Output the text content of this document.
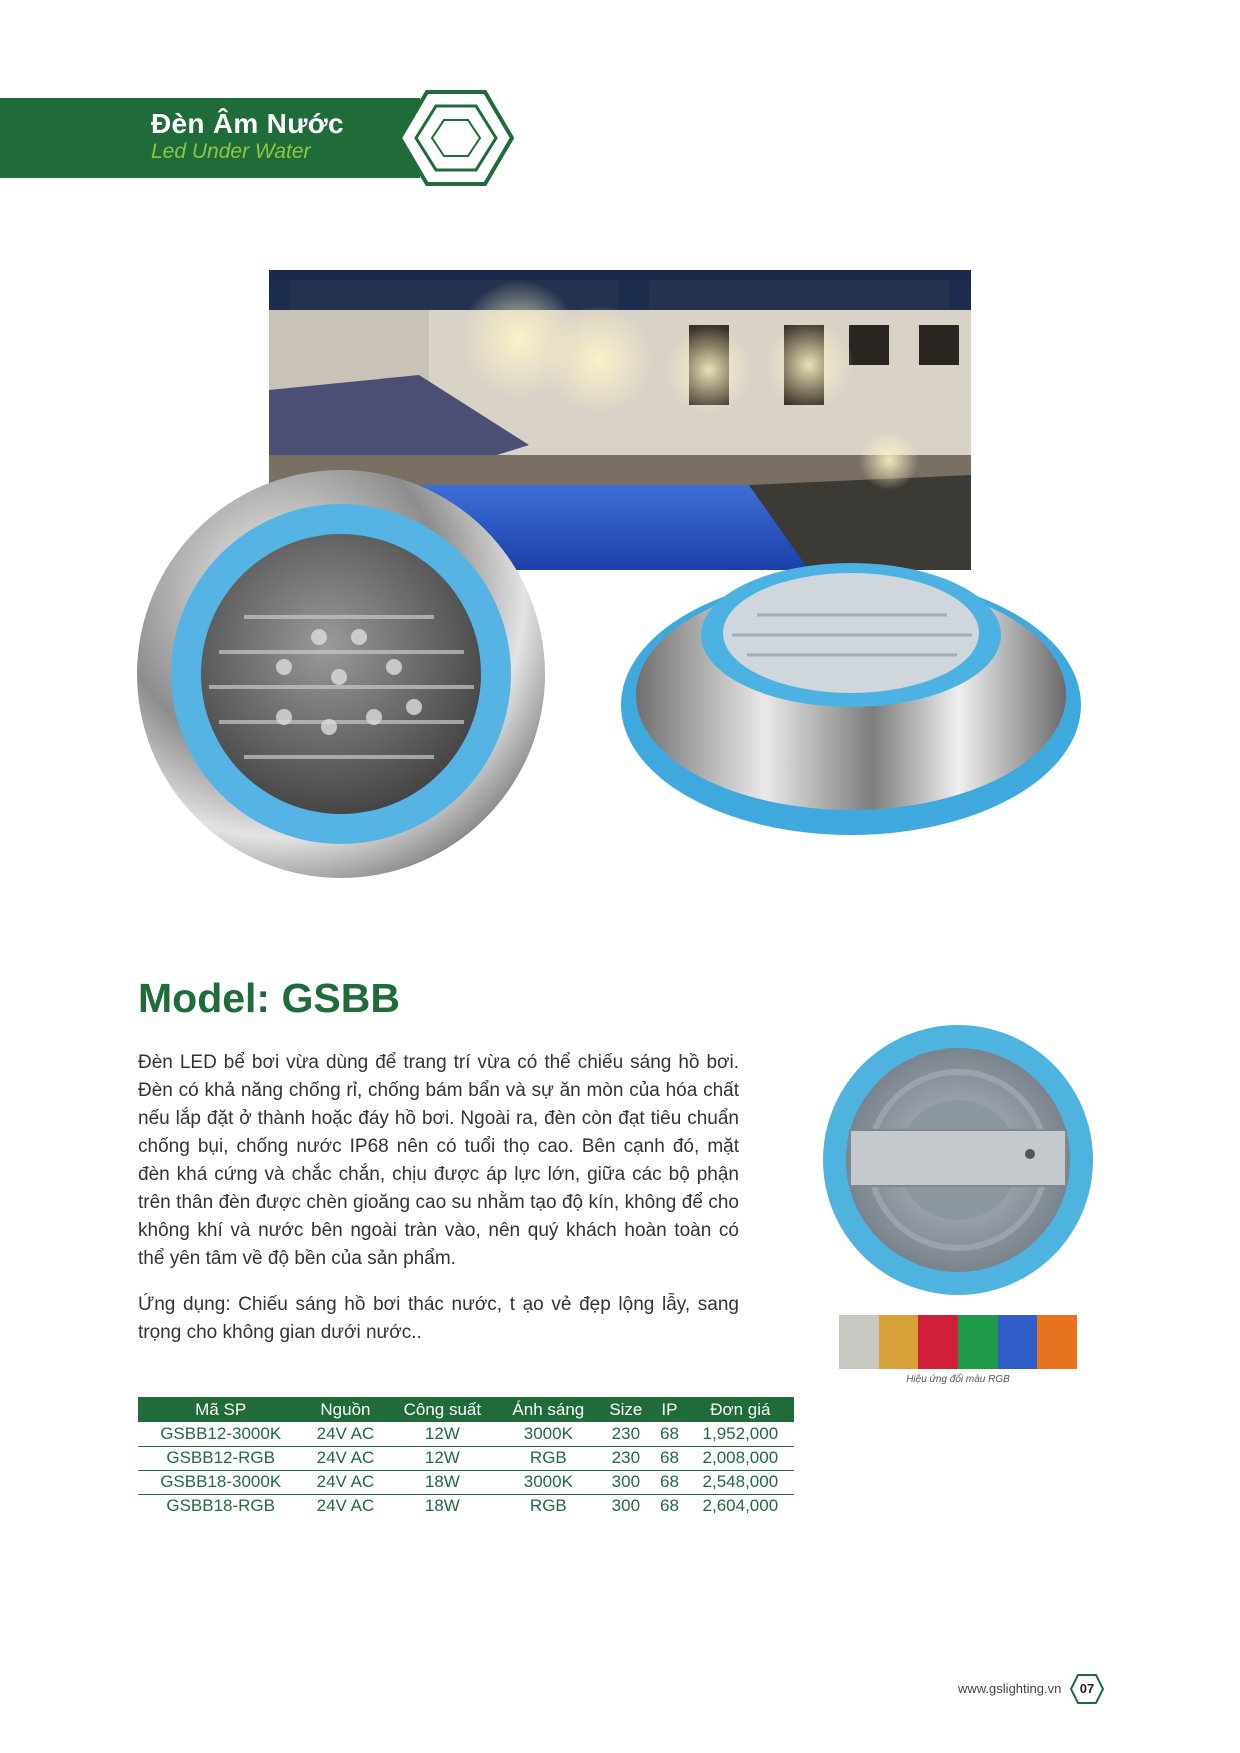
Đèn Âm Nước
Led Under Water
Hiệu ứng đổi màu RGB
Model: GSBB

Đèn LED bể bơi vừa dùng để trang trí vừa có thể chiếu sáng hồ bơi. Đèn có khả năng chống rỉ, chống bám bẩn và sự ăn mòn của hóa chất nếu lắp đặt ở thành hoặc đáy hồ bơi. Ngoài ra, đèn còn đạt tiêu chuẩn chống bụi, chống nước IP68 nên có tuổi thọ cao. Bên cạnh đó, mặt đèn khá cứng và chắc chắn, chịu được áp lực lớn, giữa các bộ phận trên thân đèn được chèn gioăng cao su nhằm tạo độ kín, không để cho không khí và nước bên ngoài tràn vào, nên quý khách hoàn toàn có thể yên tâm về độ bền của sản phẩm.

Ứng dụng: Chiếu sáng hồ bơi thác nước, t ạo vẻ đẹp lộng lẫy, sang trọng cho không gian dưới nước..

Mã SP	Nguồn	Công suất	Ánh sáng	Size	IP	Đơn giá
GSBB12-3000K	24V AC	12W	3000K	230	68	1,952,000
GSBB12-RGB	24V AC	12W	RGB	230	68	2,008,000
GSBB18-3000K	24V AC	18W	3000K	300	68	2,548,000
GSBB18-RGB	24V AC	18W	RGB	300	68	2,604,000
www.gslighting.vn	07
